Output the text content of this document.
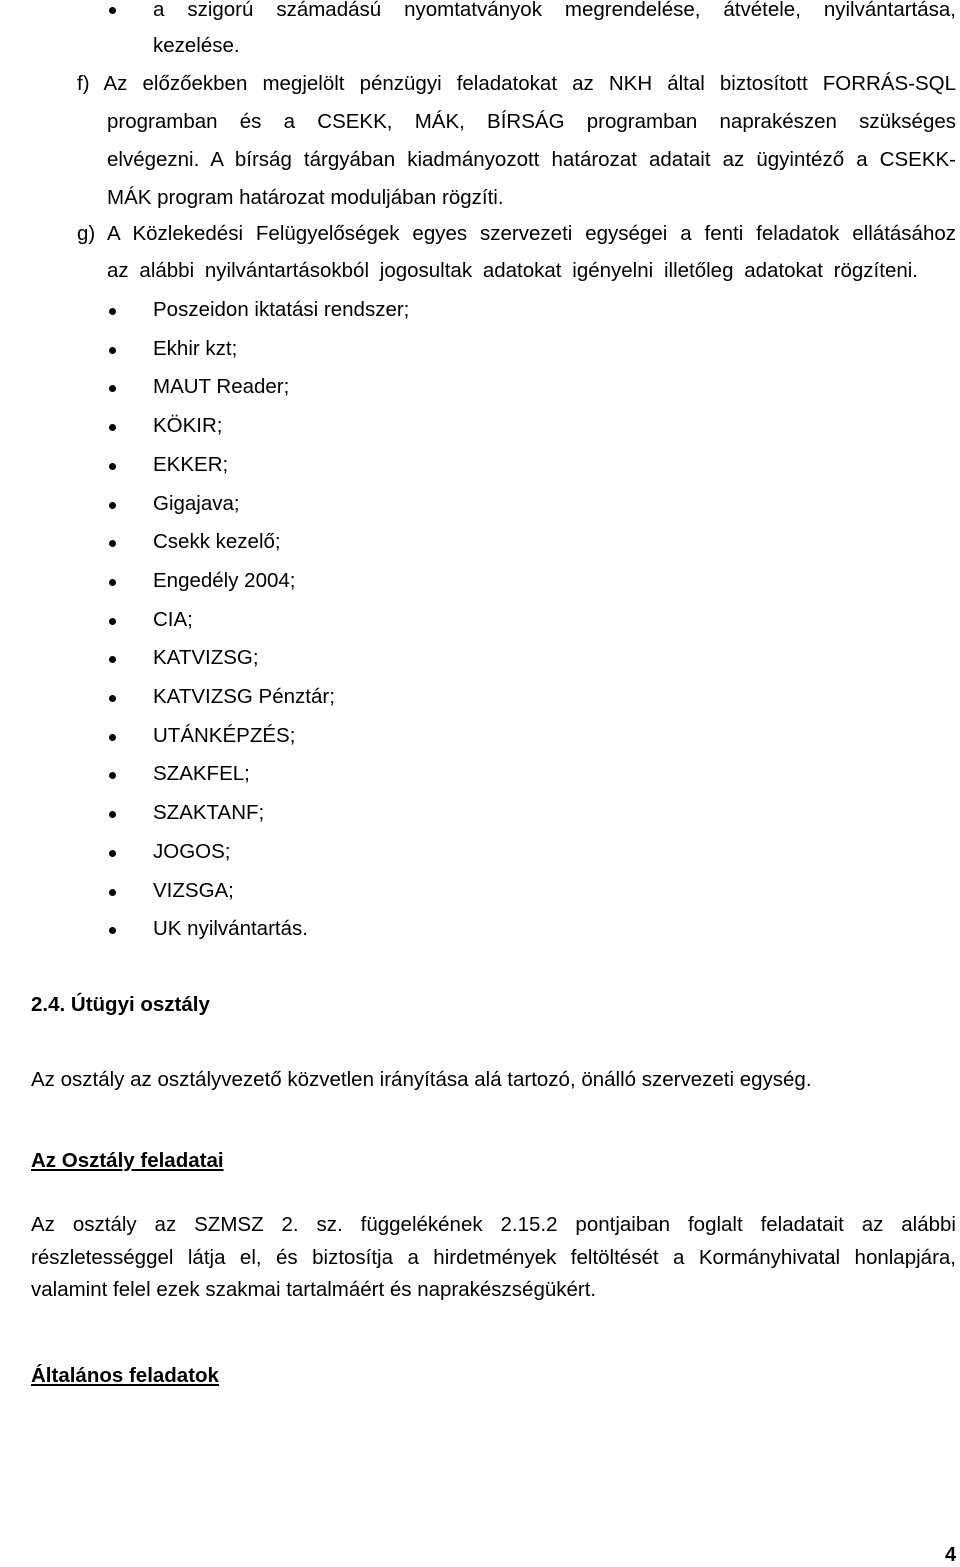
a szigorú számadású nyomtatványok megrendelése, átvétele, nyilvántartása,
kezelése.
f) Az előzőekben megjelölt pénzügyi feladatokat az NKH által biztosított FORRÁS-SQL
programban és a CSEKK, MÁK, BÍRSÁG programban naprakészen szükséges
elvégezni. A bírság tárgyában kiadmányozott határozat adatait az ügyintéző a CSEKK-
MÁK program határozat moduljában rögzíti.
g) A Közlekedési Felügyelőségek egyes szervezeti egységei a fenti feladatok ellátásához
az alábbi nyilvántartásokból jogosultak adatokat igényelni illetőleg adatokat rögzíteni.
Poszeidon iktatási rendszer;
Ekhir kzt;
MAUT Reader;
KÖKIR;
EKKER;
Gigajava;
Csekk kezelő;
Engedély 2004;
CIA;
KATVIZSG;
KATVIZSG Pénztár;
UTÁNKÉPZÉS;
SZAKFEL;
SZAKTANF;
JOGOS;
VIZSGA;
UK nyilvántartás.
2.4. Útügyi osztály
Az osztály az osztályvezető közvetlen irányítása alá tartozó, önálló szervezeti egység.
Az Osztály feladatai
Az osztály az SZMSZ 2. sz. függelékének 2.15.2 pontjaiban foglalt feladatait az alábbi
részletességgel látja el, és biztosítja a hirdetmények feltöltését a Kormányhivatal honlapjára,
valamint felel ezek szakmai tartalmáért és naprakészségükért.
Általános feladatok
4
